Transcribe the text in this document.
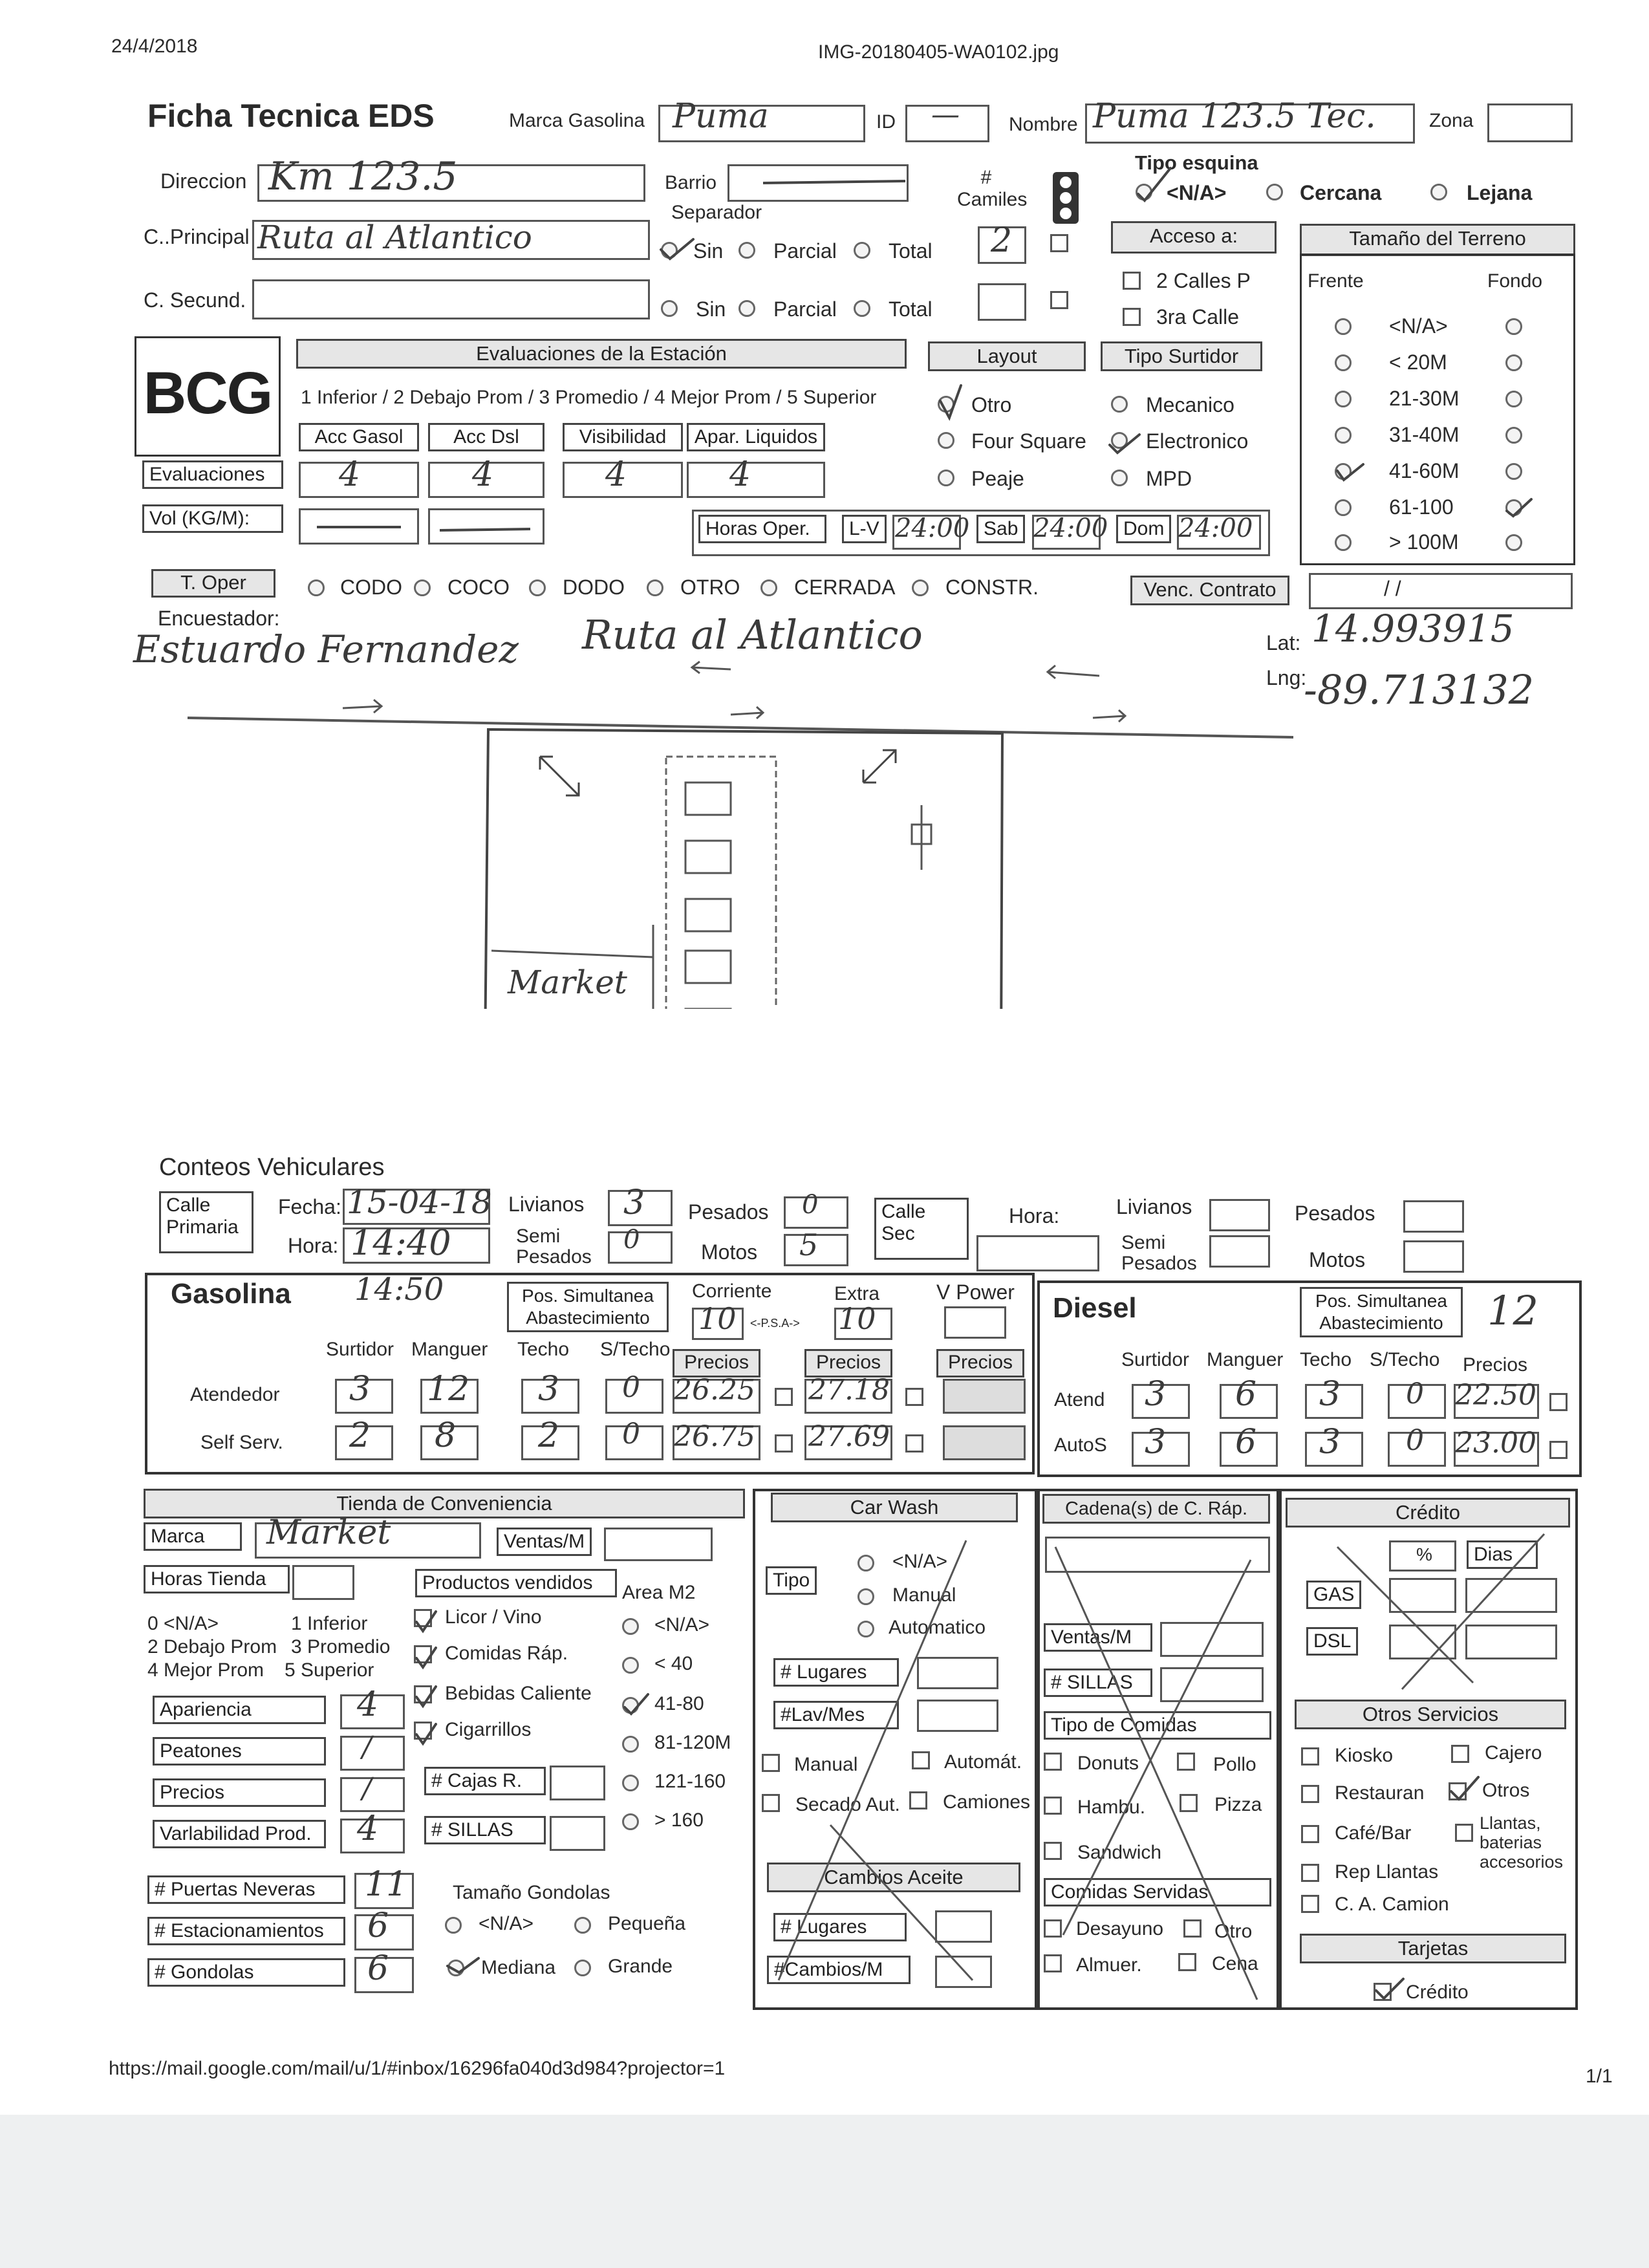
24/4/2018	IMG-20180405-WA0102.jpg
Ficha Tecnica EDS	Marca Gasolina Puma	ID —	Nombre Puma 123.5 Tec.	Zona
Direccion Km 123.5	Barrio
Separador
# Camiles
Tipo esquina
<N/A>	Cercana	Lejana
C..Principal Ruta al Atlantico	Sin Parcial	Total 2	Acceso a:	Tamaño del Terreno
2 Calles P
3ra Calle
C. Secund.	Sin Parcial	Total
Frente	Fondo
<N/A>
< 20M
21-30M
31-40M
41-60M
61-100
> 100M
BCG
Evaluaciones de la Estación
1 Inferior / 2 Debajo Prom / 3 Promedio / 4 Mejor Prom / 5 Superior
Acc Gasol	Acc Dsl	Visibilidad	Apar. Liquidos
Evaluaciones	4	4	4	4
Vol (KG/M):
Layout	Tipo Surtidor
Otro
Four Square
Peaje
Mecanico
Electronico
MPD
Horas Oper.	L-V 24:00 Sab 24:00 Dom 24:00
T. Oper	CODO COCO	DODO	OTRO	CERRADA CONSTR.	Venc. Contrato	/ /
Encuestador:
Estuardo Fernandez	Lat: 14.993915
Lng:
-89.713132
Ruta al Atlantico
Market
Conteos Vehiculares
Calle Primaria
Fecha: 15-04-18
Hora: 14:40
Livianos 3
Semi Pesados
0
Pesados 0
Motos 5
Calle Sec
Hora:	Livianos
Semi Pesados
Pesados
Motos
Gasolina 14:50	Pos. Simultanea Abastecimiento
Corriente
10 <-P.S.A->
Extra
10
V Power
Surtidor Manguer Techo S/Techo
Precios	Precios	Precios
Atendedor 3 12 3 0 26.25 27.18
Self Serv. 2 8 2 0 26.75 27.69
Diesel	Pos. Simultanea Abastecimiento	12
Surtidor Manguer Techo S/Techo Precios
Atend 3 6 3 0 22.50
AutoS 3 6 3 0 23.00
Tienda de Conveniencia
Marca	Market	Ventas/M
Horas Tienda	Productos vendidos	Area M2
0 <N/A>	1 Inferior
2 Debajo Prom 3 Promedio
4 Mejor Prom 5 Superior
Licor / Vino
Comidas Ráp.
Bebidas Caliente
Cigarrillos
<N/A>
< 40
41-80
81-120M
121-160
> 160
Apariencia	4
Peatones	/
Precios	/
Varlabilidad Prod.	4
# Cajas R.
# SILLAS
# Puertas Neveras	11
# Estacionamientos	6
# Gondolas	6
Tamaño Gondolas
<N/A>	Pequeña
Mediana	Grande
Car Wash
Tipo
<N/A>
Manual
Automatico
# Lugares
#Lav/Mes
Manual	Automát.
Secado Aut. Camiones
Cambios Aceite
# Lugares
#Cambios/M
Cadena(s) de C. Ráp.
Ventas/M
# SILLAS
Tipo de Comidas
Donuts	Pollo
Hambu.	Pizza
Sandwich
Comidas Servidas
Desayuno	Otro
Almuer.	Cena
Crédito
%	Dias
GAS
DSL
Otros Servicios
Kiosko	Cajero
Restauran	Otros
Café/Bar	Llantas, baterias accesorios
Rep Llantas
C. A. Camion
Tarjetas
Crédito
https://mail.google.com/mail/u/1/#inbox/16296fa040d3d984?projector=1	1/1
